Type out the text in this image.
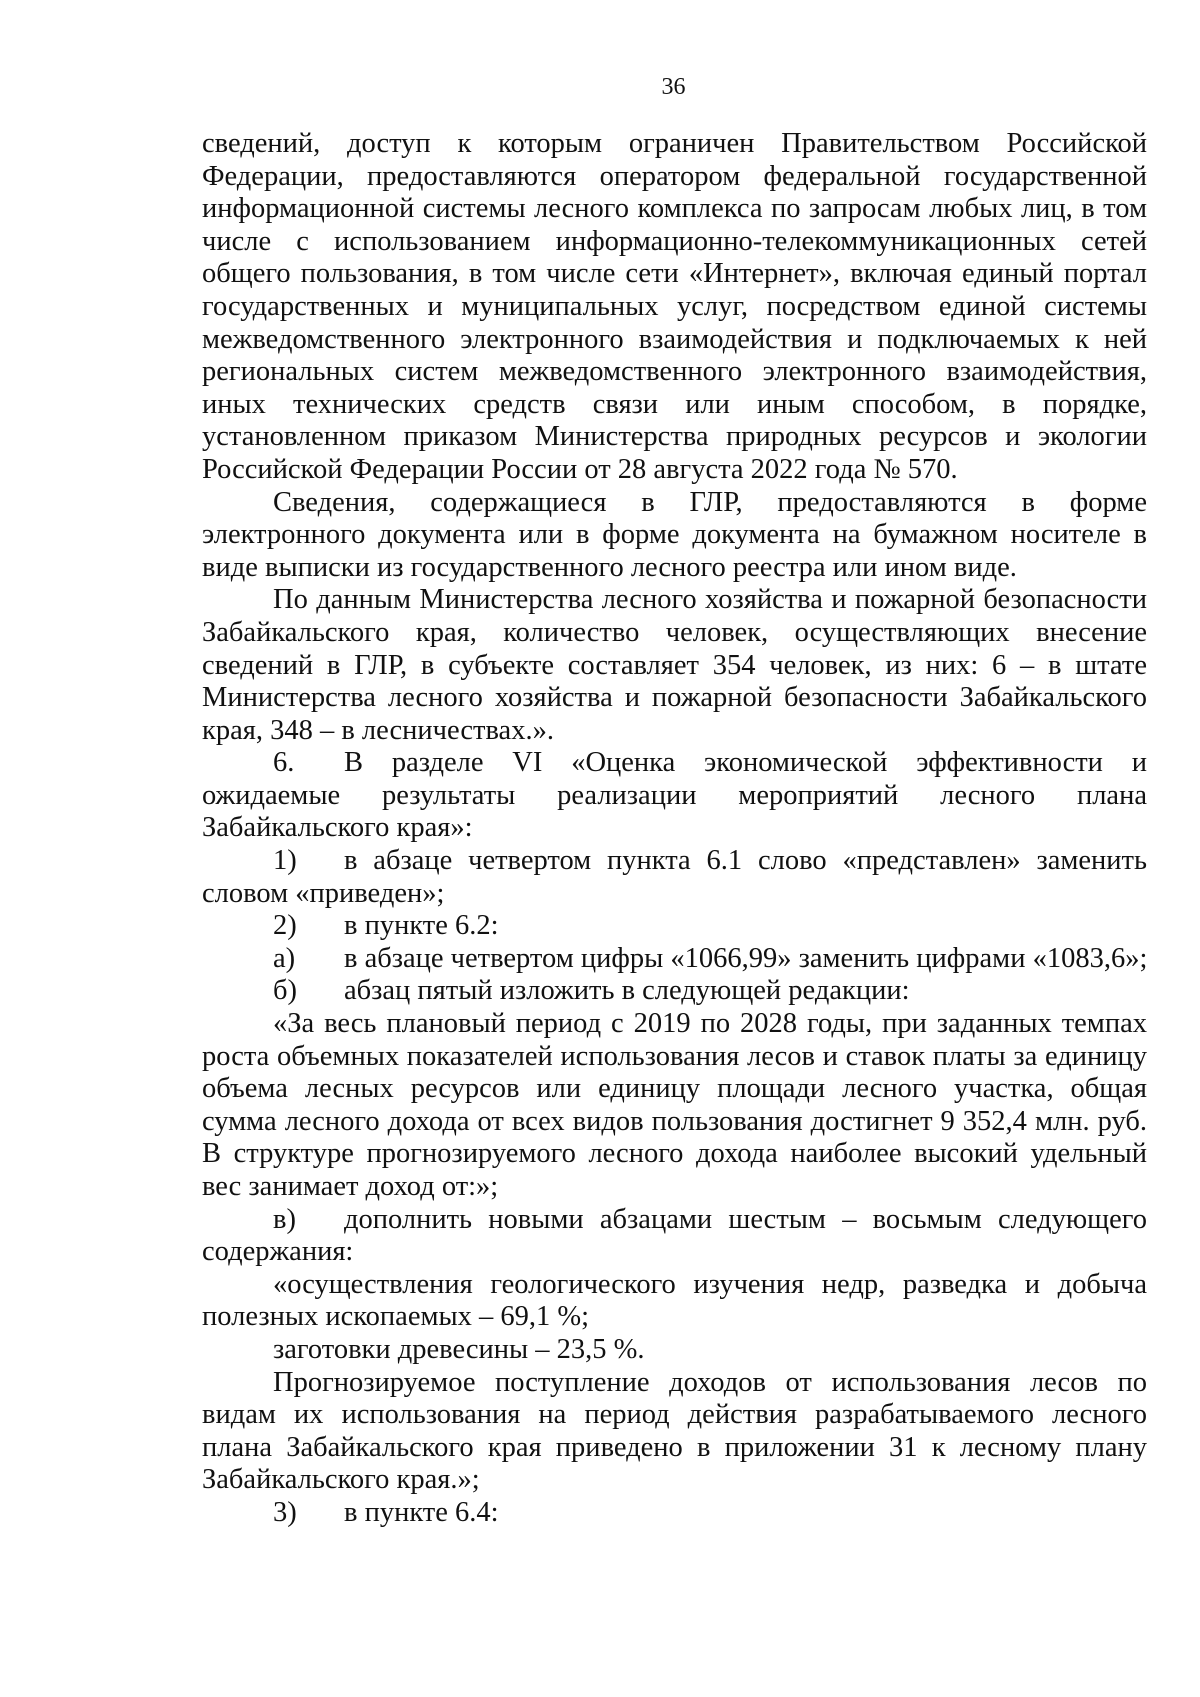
36

сведений, доступ к которым ограничен Правительством Российской Федерации, предоставляются оператором федеральной государственной информационной системы лесного комплекса по запросам любых лиц, в том числе с использованием информационно-телекоммуникационных сетей общего пользования, в том числе сети «Интернет», включая единый портал государственных и муниципальных услуг, посредством единой системы межведомственного электронного взаимодействия и подключаемых к ней региональных систем межведомственного электронного взаимодействия, иных технических средств связи или иным способом, в порядке, установленном приказом Министерства природных ресурсов и экологии Российской Федерации России от 28 августа 2022 года № 570.

Сведения, содержащиеся в ГЛР, предоставляются в форме электронного документа или в форме документа на бумажном носителе в виде выписки из государственного лесного реестра или ином виде.

По данным Министерства лесного хозяйства и пожарной безопасности Забайкальского края, количество человек, осуществляющих внесение сведений в ГЛР, в субъекте составляет 354 человек, из них: 6 – в штате Министерства лесного хозяйства и пожарной безопасности Забайкальского края, 348 – в лесничествах.».

6. В разделе VI «Оценка экономической эффективности и ожидаемые результаты реализации мероприятий лесного плана Забайкальского края»:

1) в абзаце четвертом пункта 6.1 слово «представлен» заменить словом «приведен»;

2) в пункте 6.2:

а) в абзаце четвертом цифры «1066,99» заменить цифрами «1083,6»;

б) абзац пятый изложить в следующей редакции:

«За весь плановый период с 2019 по 2028 годы, при заданных темпах роста объемных показателей использования лесов и ставок платы за единицу объема лесных ресурсов или единицу площади лесного участка, общая сумма лесного дохода от всех видов пользования достигнет 9 352,4 млн. руб. В структуре прогнозируемого лесного дохода наиболее высокий удельный вес занимает доход от:»;

в) дополнить новыми абзацами шестым – восьмым следующего содержания:

«осуществления геологического изучения недр, разведка и добыча полезных ископаемых – 69,1 %;

заготовки древесины – 23,5 %.

Прогнозируемое поступление доходов от использования лесов по видам их использования на период действия разрабатываемого лесного плана Забайкальского края приведено в приложении 31 к лесному плану Забайкальского края.»;

3) в пункте 6.4:
